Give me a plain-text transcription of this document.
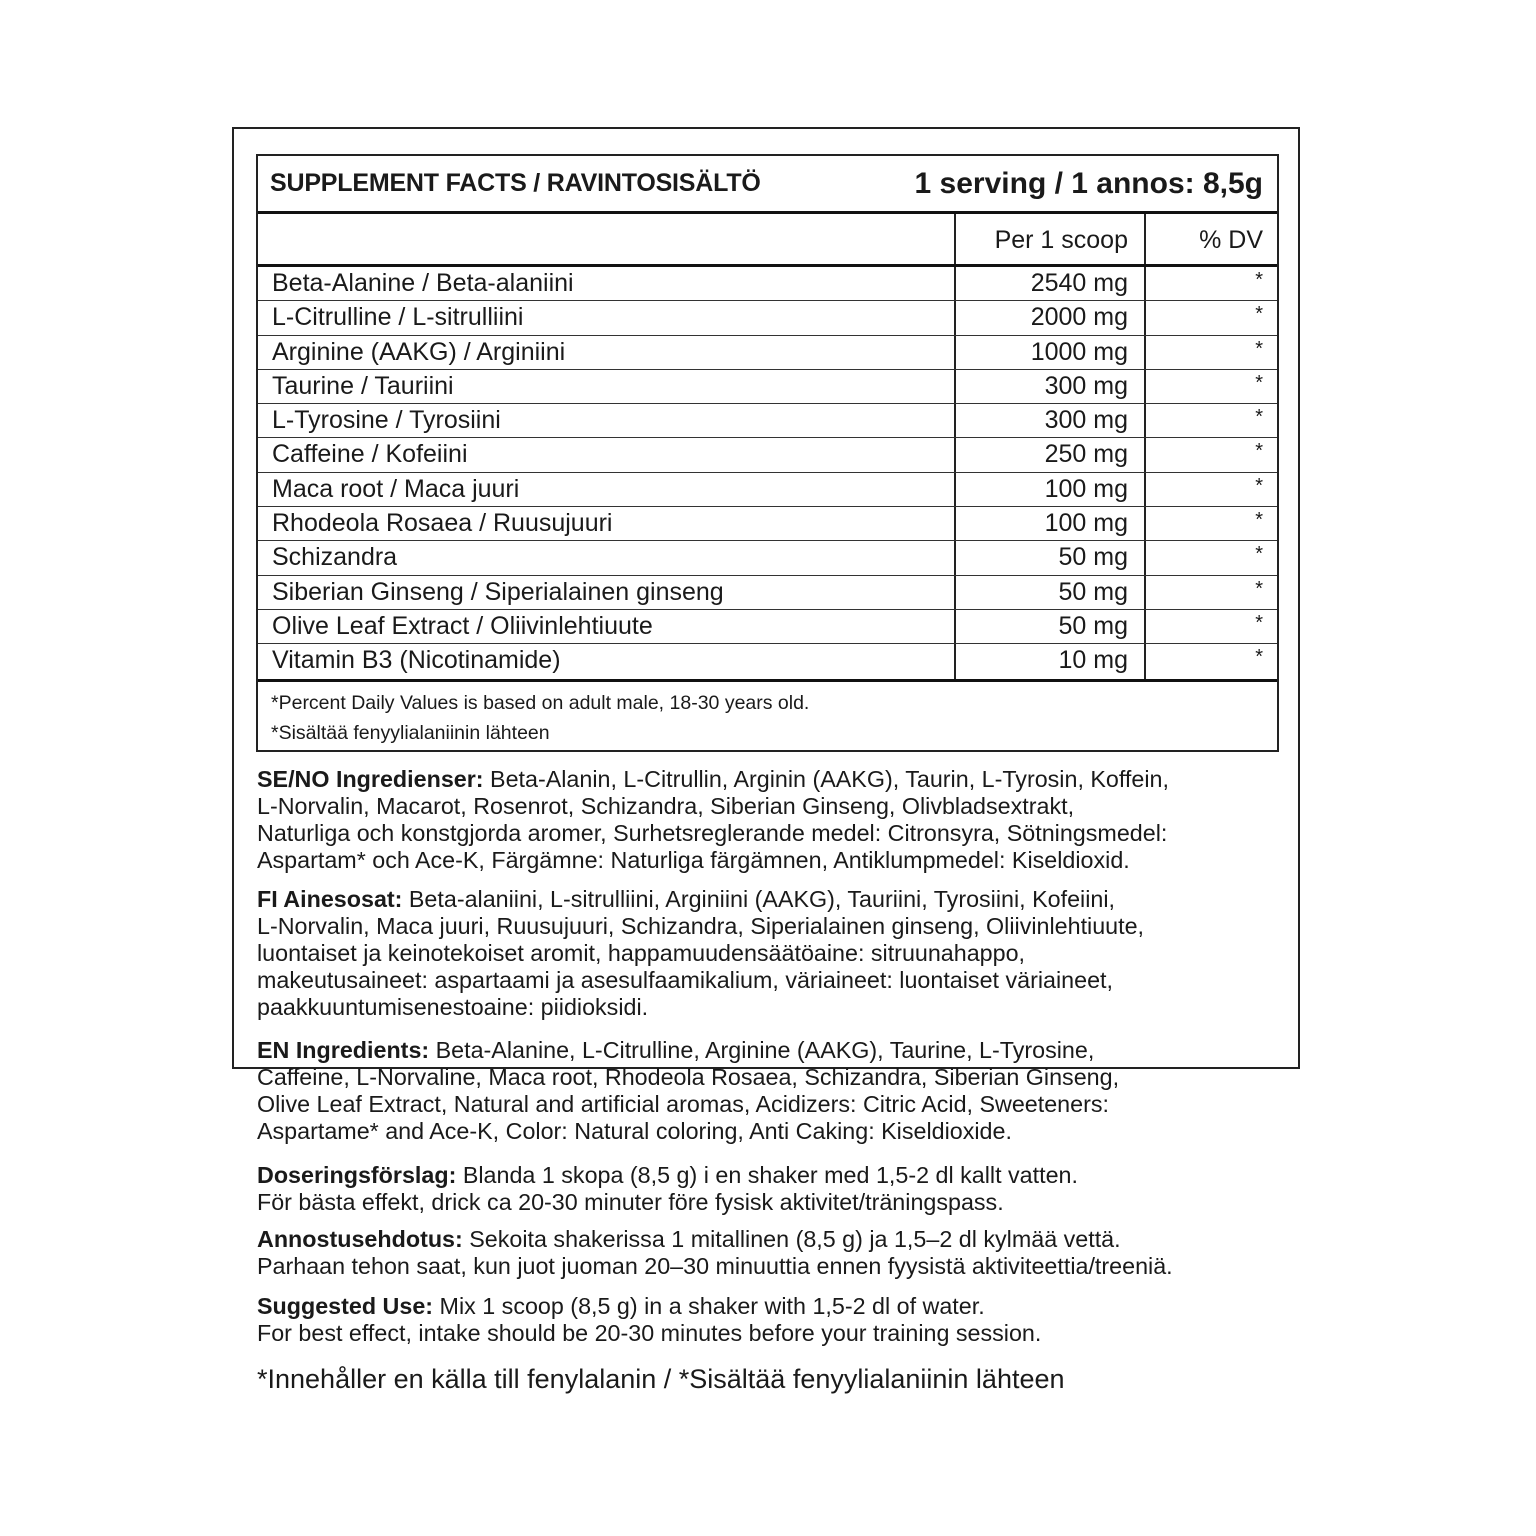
SUPPLEMENT FACTS / RAVINTOSISÄLTÖ	1 serving / 1 annos: 8,5g
Per 1 scoop	% DV
Beta-Alanine / Beta-alaniini	2540 mg	*
L-Citrulline / L-sitrulliini	2000 mg	*
Arginine (AAKG) / Arginiini	1000 mg	*
Taurine / Tauriini	300 mg	*
L-Tyrosine / Tyrosiini	300 mg	*
Caffeine / Kofeiini	250 mg	*
Maca root / Maca juuri	100 mg	*
Rhodeola Rosaea / Ruusujuuri	100 mg	*
Schizandra	50 mg	*
Siberian Ginseng / Siperialainen ginseng	50 mg	*
Olive Leaf Extract / Oliivinlehtiuute	50 mg	*
Vitamin B3 (Nicotinamide)	10 mg	*
*Percent Daily Values is based on adult male, 18-30 years old.
*Sisältää fenyylialaniinin lähteen
SE/NO Ingredienser: Beta-Alanin, L-Citrullin, Arginin (AAKG), Taurin, L-Tyrosin, Koffein,
L-Norvalin, Macarot, Rosenrot, Schizandra, Siberian Ginseng, Olivbladsextrakt,
Naturliga och konstgjorda aromer, Surhetsreglerande medel: Citronsyra, Sötningsmedel:
Aspartam* och Ace-K, Färgämne: Naturliga färgämnen, Antiklumpmedel: Kiseldioxid.
FI Ainesosat: Beta-alaniini, L-sitrulliini, Arginiini (AAKG), Tauriini, Tyrosiini, Kofeiini,
L-Norvalin, Maca juuri, Ruusujuuri, Schizandra, Siperialainen ginseng, Oliivinlehtiuute,
luontaiset ja keinotekoiset aromit, happamuudensäätöaine: sitruunahappo,
makeutusaineet: aspartaami ja asesulfaamikalium, väriaineet: luontaiset väriaineet,
paakkuuntumisenestoaine: piidioksidi.
EN Ingredients: Beta-Alanine, L-Citrulline, Arginine (AAKG), Taurine, L-Tyrosine,
Caffeine, L-Norvaline, Maca root, Rhodeola Rosaea, Schizandra, Siberian Ginseng,
Olive Leaf Extract, Natural and artificial aromas, Acidizers: Citric Acid, Sweeteners:
Aspartame* and Ace-K, Color: Natural coloring, Anti Caking: Kiseldioxide.
Doseringsförslag: Blanda 1 skopa (8,5 g) i en shaker med 1,5-2 dl kallt vatten.
För bästa effekt, drick ca 20-30 minuter före fysisk aktivitet/träningspass.
Annostusehdotus: Sekoita shakerissa 1 mitallinen (8,5 g) ja 1,5–2 dl kylmää vettä.
Parhaan tehon saat, kun juot juoman 20–30 minuuttia ennen fyysistä aktiviteettia/treeniä.
Suggested Use: Mix 1 scoop (8,5 g) in a shaker with 1,5-2 dl of water.
For best effect, intake should be 20-30 minutes before your training session.
*Innehåller en källa till fenylalanin / *Sisältää fenyylialaniinin lähteen
